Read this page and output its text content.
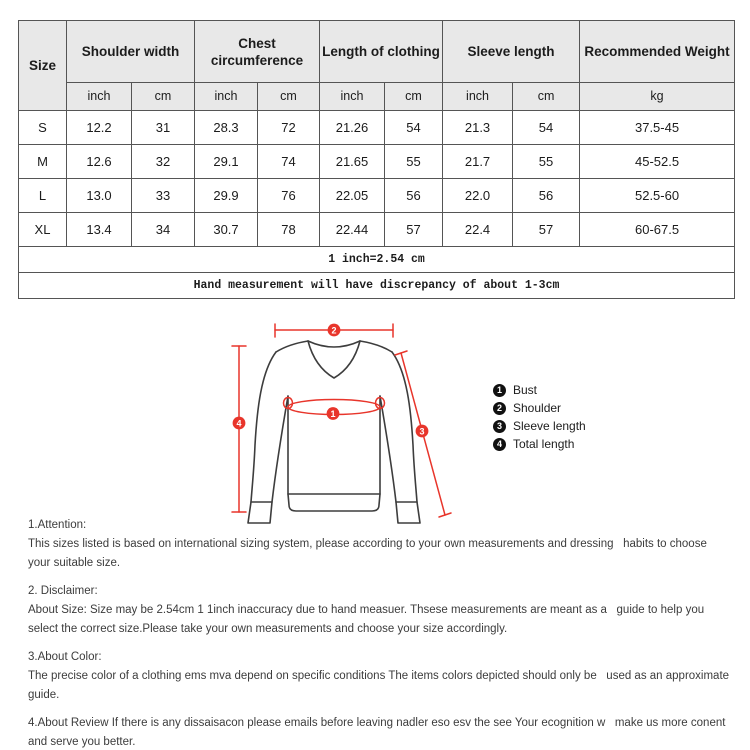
Size	Shoulder width		Chest circumference		Length of clothing		Sleeve length		Recommended Weight
	inch	cm	inch	cm	inch	cm	inch	cm	kg
S	12.2	31	28.3	72	21.26	54	21.3	54	37.5-45
M	12.6	32	29.1	74	21.65	55	21.7	55	45-52.5
L	13.0	33	29.9	76	22.05	56	22.0	56	52.5-60
XL	13.4	34	30.7	78	22.44	57	22.4	57	60-67.5
1 inch=2.54 cm									
Hand measurement will have discrepancy of about 1-3cm									
2
4
3
1
1 Bust
2 Shoulder
3 Sleeve length
4 Total length
1.Attention:
This sizes listed is based on international sizing system, please according to your own measurements and dressing   habits to choose your suitable size.
2. Disclaimer:
About Size: Size may be 2.54cm 1 1inch inaccuracy due to hand measuer. Thsese measurements are meant as a   guide to help you select the correct size.Please take your own measurements and choose your size accordingly.
3.About Color:
The precise color of a clothing ems mva depend on specific conditions The items colors depicted should only be   used as an approximate guide.
4.About Review If there is any dissaisacon please emails before leaving nadler eso esv the see Your ecognition w   make us more conent and serve you better.
